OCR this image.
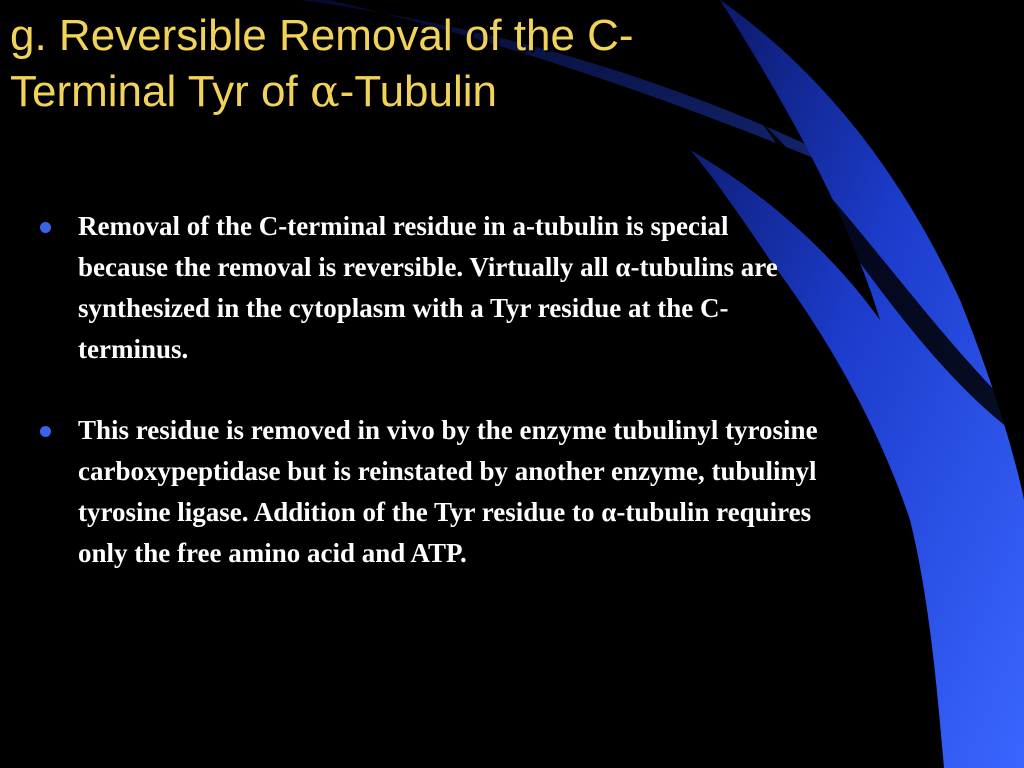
g. Reversible Removal of the C-
Terminal Tyr of α-Tubulin
Removal of the C-terminal residue in a-tubulin is special
because the removal is reversible. Virtually all α-tubulins are
synthesized in the cytoplasm with a Tyr residue at the C-
terminus.
This residue is removed in vivo by the enzyme tubulinyl tyrosine
carboxypeptidase but is reinstated by another enzyme, tubulinyl
tyrosine ligase. Addition of the Tyr residue to α-tubulin requires
only the free amino acid and ATP.
